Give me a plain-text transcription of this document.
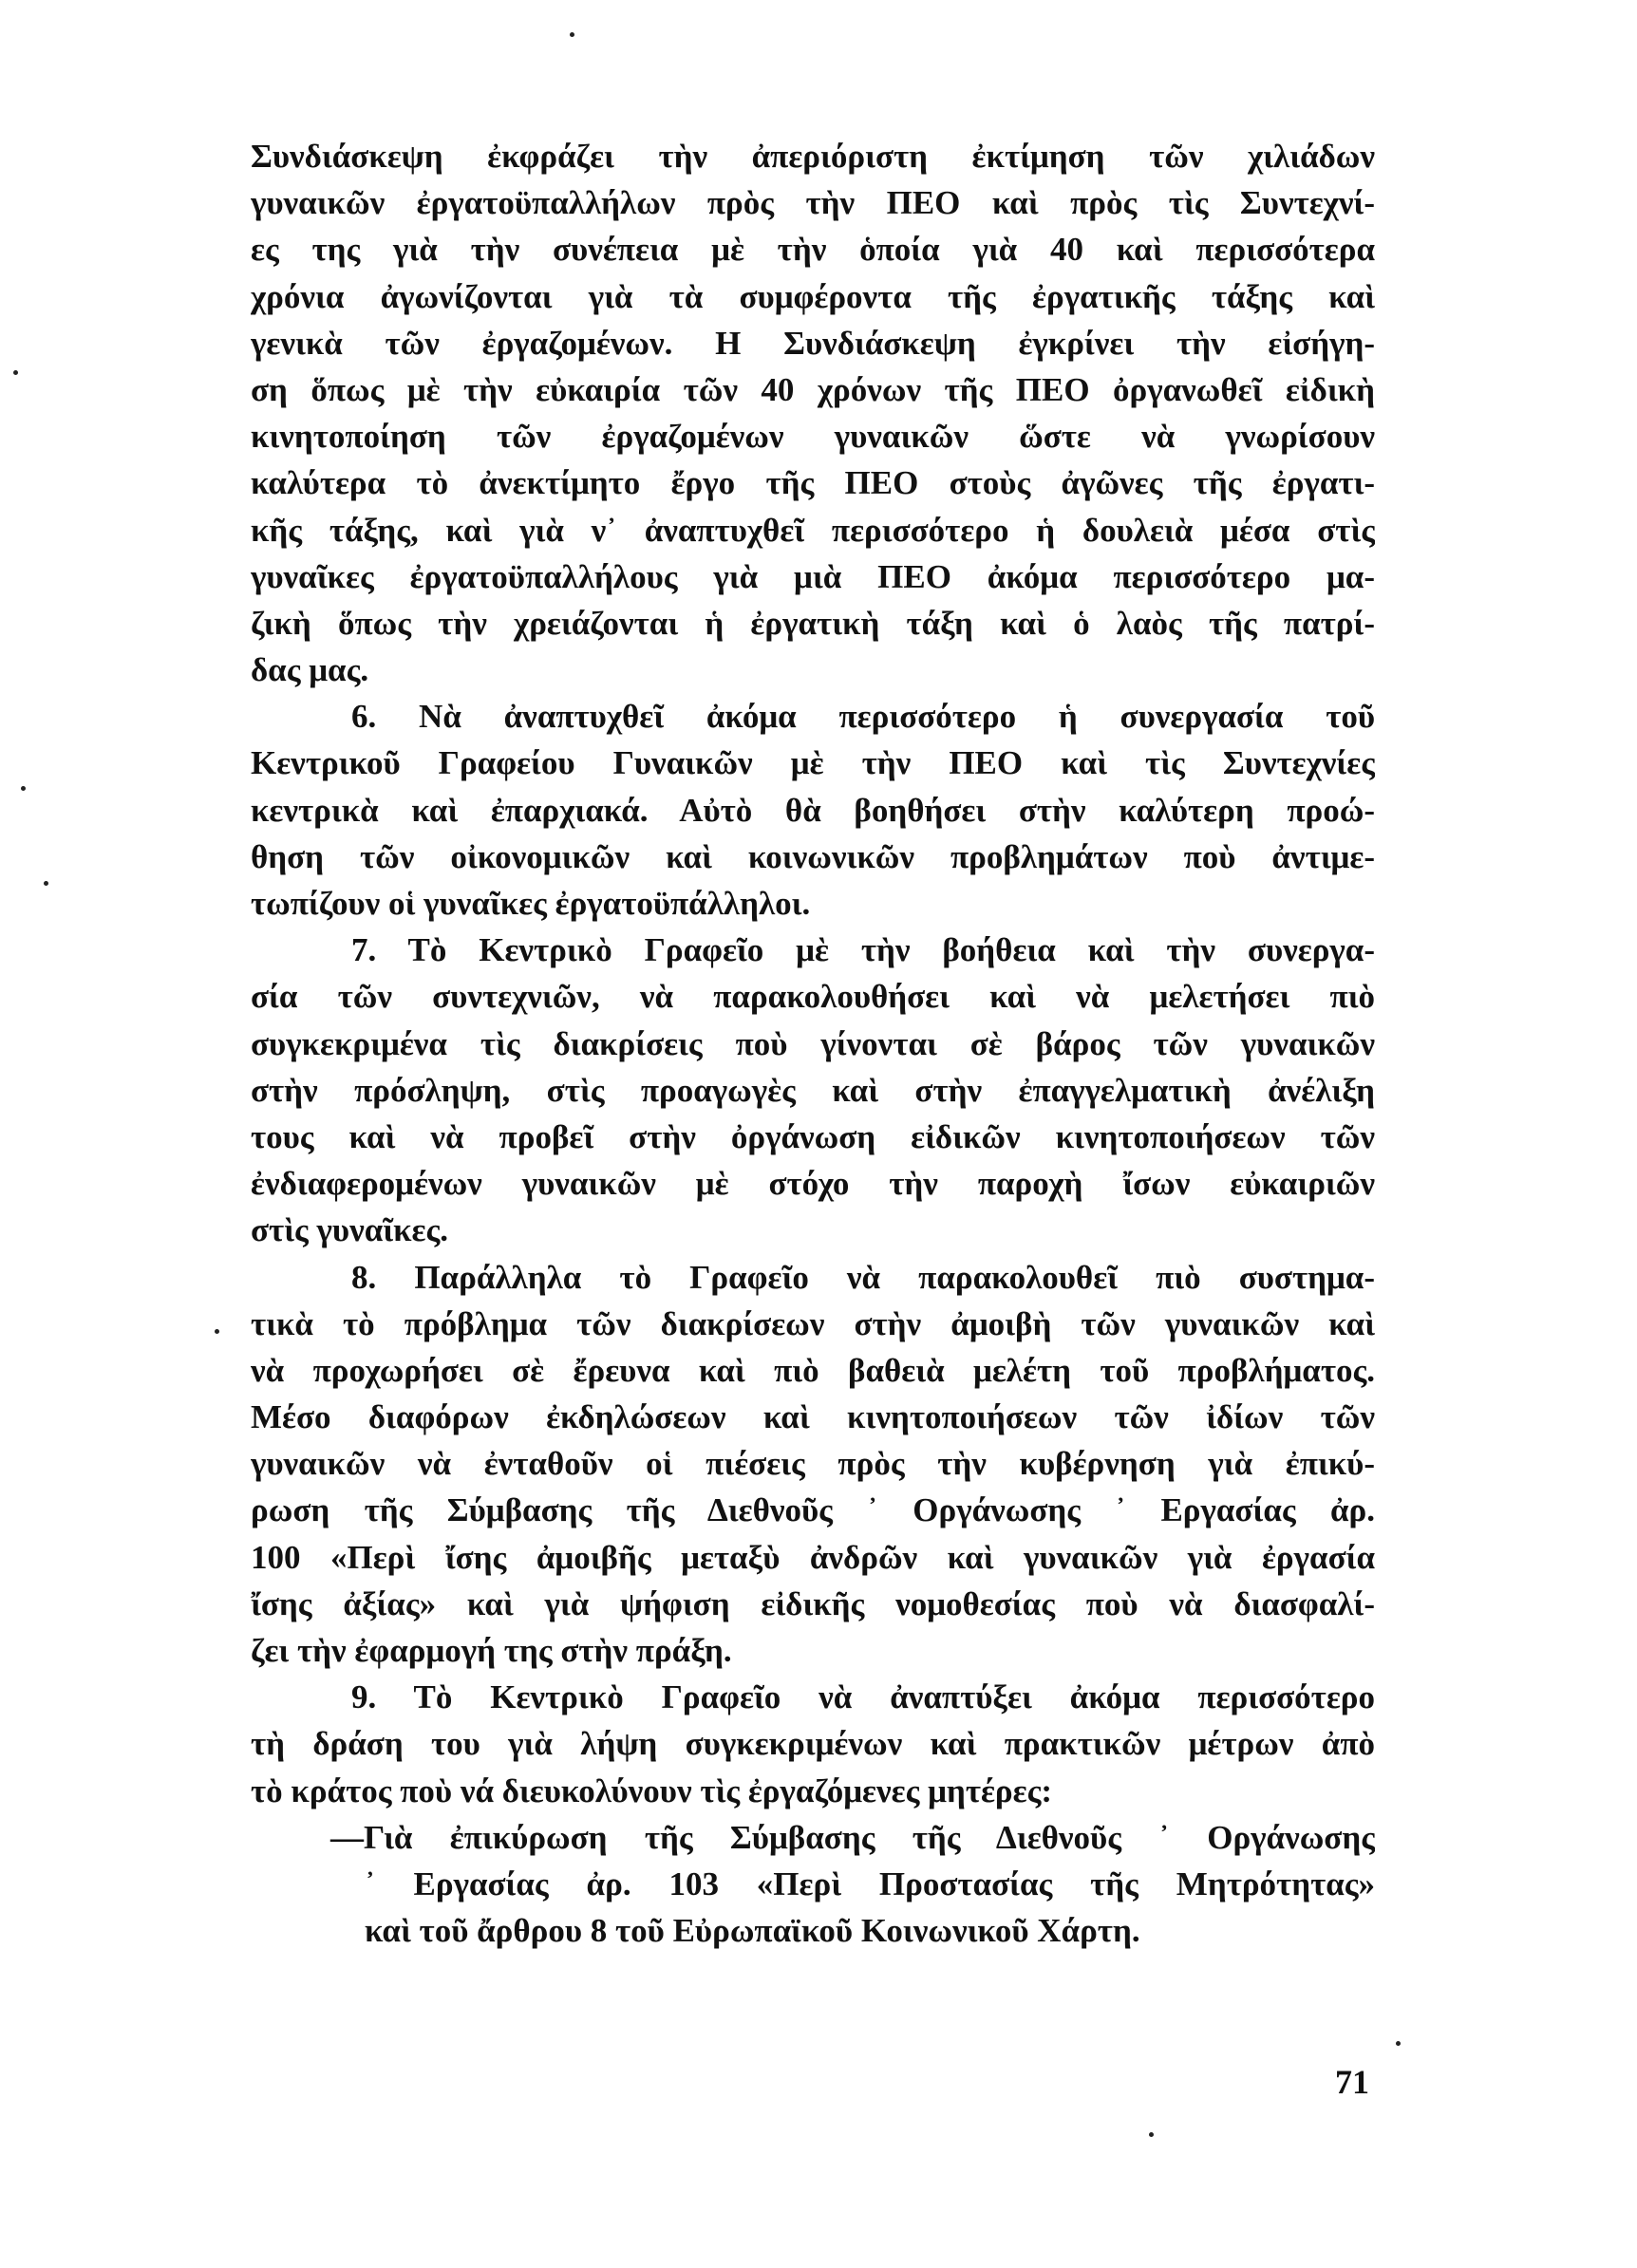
Συνδιάσκεψη ἐκφράζει τὴν ἀπεριόριστη ἐκτίμηση τῶν χιλιάδων
γυναικῶν ἐργατοϋπαλλήλων πρὸς τὴν ΠΕΟ καὶ πρὸς τὶς Συντεχνί-
ες της γιὰ τὴν συνέπεια μὲ τὴν ὁποία γιὰ 40 καὶ περισσότερα
χρόνια ἀγωνίζονται γιὰ τὰ συμφέροντα τῆς ἐργατικῆς τάξης καὶ
γενικὰ τῶν ἐργαζομένων. Η Συνδιάσκεψη ἐγκρίνει τὴν εἰσήγη-
ση ὅπως μὲ τὴν εὐκαιρία τῶν 40 χρόνων τῆς ΠΕΟ ὀργανωθεῖ εἰδικὴ
κινητοποίηση τῶν ἐργαζομένων γυναικῶν ὥστε νὰ γνωρίσουν
καλύτερα τὸ ἀνεκτίμητο ἔργο τῆς ΠΕΟ στοὺς ἀγῶνες τῆς ἐργατι-
κῆς τάξης, καὶ γιὰ ν᾽ ἀναπτυχθεῖ περισσότερο ἡ δουλειὰ μέσα στὶς
γυναῖκες ἐργατοϋπαλλήλους γιὰ μιὰ ΠΕΟ ἀκόμα περισσότερο μα-
ζικὴ ὅπως τὴν χρειάζονται ἡ ἐργατικὴ τάξη καὶ ὁ λαὸς τῆς πατρί-
δας μας.
6. Νὰ ἀναπτυχθεῖ ἀκόμα περισσότερο ἡ συνεργασία τοῦ
Κεντρικοῦ Γραφείου Γυναικῶν μὲ τὴν ΠΕΟ καὶ τὶς Συντεχνίες
κεντρικὰ καὶ ἐπαρχιακά. Αὐτὸ θὰ βοηθήσει στὴν καλύτερη προώ-
θηση τῶν οἰκονομικῶν καὶ κοινωνικῶν προβλημάτων ποὺ ἀντιμε-
τωπίζουν οἱ γυναῖκες ἐργατοϋπάλληλοι.
7. Τὸ Κεντρικὸ Γραφεῖο μὲ τὴν βοήθεια καὶ τὴν συνεργα-
σία τῶν συντεχνιῶν, νὰ παρακολουθήσει καὶ νὰ μελετήσει πιὸ
συγκεκριμένα τὶς διακρίσεις ποὺ γίνονται σὲ βάρος τῶν γυναικῶν
στὴν πρόσληψη, στὶς προαγωγὲς καὶ στὴν ἐπαγγελματικὴ ἀνέλιξη
τους καὶ νὰ προβεῖ στὴν ὀργάνωση εἰδικῶν κινητοποιήσεων τῶν
ἐνδιαφερομένων γυναικῶν μὲ στόχο τὴν παροχὴ ἴσων εὐκαιριῶν
στὶς γυναῖκες.
8. Παράλληλα τὸ Γραφεῖο νὰ παρακολουθεῖ πιὸ συστημα-
τικὰ τὸ πρόβλημα τῶν διακρίσεων στὴν ἀμοιβὴ τῶν γυναικῶν καὶ
νὰ προχωρήσει σὲ ἔρευνα καὶ πιὸ βαθειὰ μελέτη τοῦ προβλήματος.
Μέσο διαφόρων ἐκδηλώσεων καὶ κινητοποιήσεων τῶν ἰδίων τῶν
γυναικῶν νὰ ἐνταθοῦν οἱ πιέσεις πρὸς τὴν κυβέρνηση γιὰ ἐπικύ-
ρωση τῆς Σύμβασης τῆς Διεθνοῦς ᾽ Οργάνωσης ᾽ Εργασίας ἀρ.
100 «Περὶ ἴσης ἀμοιβῆς μεταξὺ ἀνδρῶν καὶ γυναικῶν γιὰ ἐργασία
ἴσης ἀξίας» καὶ γιὰ ψήφιση εἰδικῆς νομοθεσίας ποὺ νὰ διασφαλί-
ζει τὴν ἐφαρμογή της στὴν πράξη.
9. Τὸ Κεντρικὸ Γραφεῖο νὰ ἀναπτύξει ἀκόμα περισσότερο
τὴ δράση του γιὰ λήψη συγκεκριμένων καὶ πρακτικῶν μέτρων ἀπὸ
τὸ κράτος ποὺ νά διευκολύνουν τὶς ἐργαζόμενες μητέρες:
—Γιὰ ἐπικύρωση τῆς Σύμβασης τῆς Διεθνοῦς ᾽ Οργάνωσης
᾽ Εργασίας ἀρ. 103 «Περὶ Προστασίας τῆς Μητρότητας»
καὶ τοῦ ἄρθρου 8 τοῦ Εὐρωπαϊκοῦ Κοινωνικοῦ Χάρτη.
71
